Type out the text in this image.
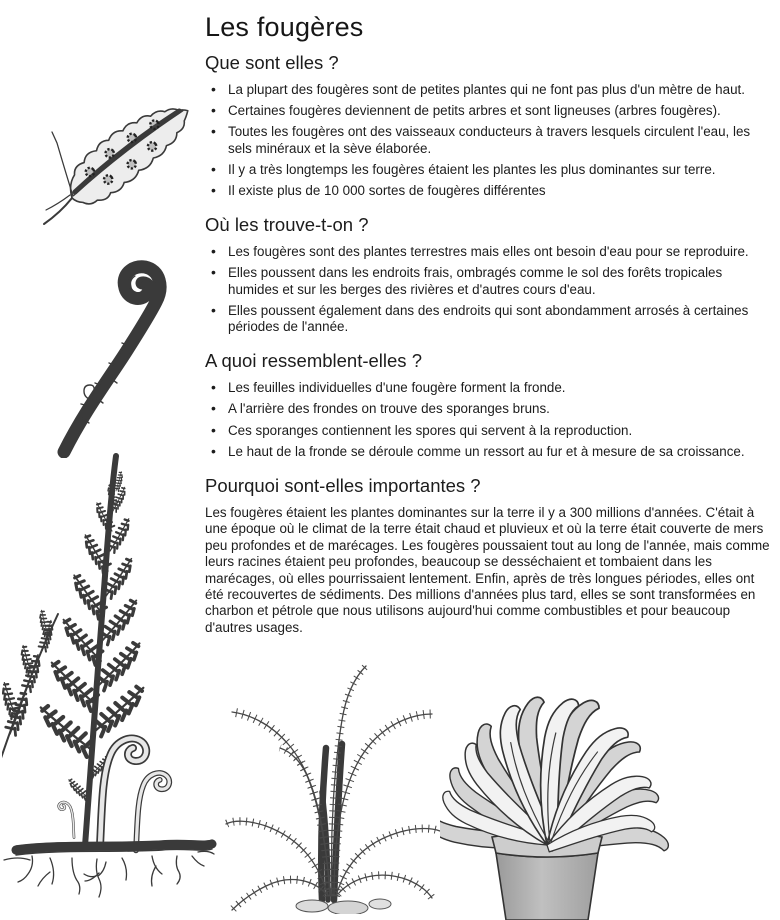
Les fougères
Que sont elles ?
• La plupart des fougères sont de petites plantes qui ne font pas plus d'un mètre de haut.
• Certaines fougères deviennent de petits arbres et sont ligneuses (arbres fougères).
• Toutes les fougères ont des vaisseaux conducteurs à travers lesquels circulent l'eau, les sels minéraux et la sève élaborée.
• Il y a très longtemps les fougères étaient les plantes les plus dominantes sur terre.
• Il existe plus de 10 000 sortes de fougères différentes
Où les trouve-t-on ?
• Les fougères sont des plantes terrestres mais elles ont besoin d'eau pour se reproduire.
• Elles poussent dans les endroits frais, ombragés comme le sol des forêts tropicales humides et sur les berges des rivières et d'autres cours d'eau.
• Elles poussent également dans des endroits qui sont abondamment arrosés à certaines périodes de l'année.
A quoi ressemblent-elles ?
• Les feuilles individuelles d'une fougère forment la fronde.
• A l'arrière des frondes on trouve des sporanges bruns.
• Ces sporanges contiennent les spores qui servent à la reproduction.
• Le haut de la fronde se déroule comme un ressort au fur et à mesure de sa croissance.
Pourquoi sont-elles importantes ?

Les fougères étaient les plantes dominantes sur la terre il y a 300 millions d'années. C'était à une époque où le climat de la terre était chaud et pluvieux et où la terre était couverte de mers peu profondes et de marécages. Les fougères poussaient tout au long de l'année, mais comme leurs racines étaient peu profondes, beaucoup se desséchaient et tombaient dans les marécages, où elles pourrissaient lentement. Enfin, après de très longues périodes, elles ont été recouvertes de sédiments. Des millions d'années plus tard, elles se sont transformées en charbon et pétrole que nous utilisons aujourd'hui comme combustibles et pour beaucoup d'autres usages.
